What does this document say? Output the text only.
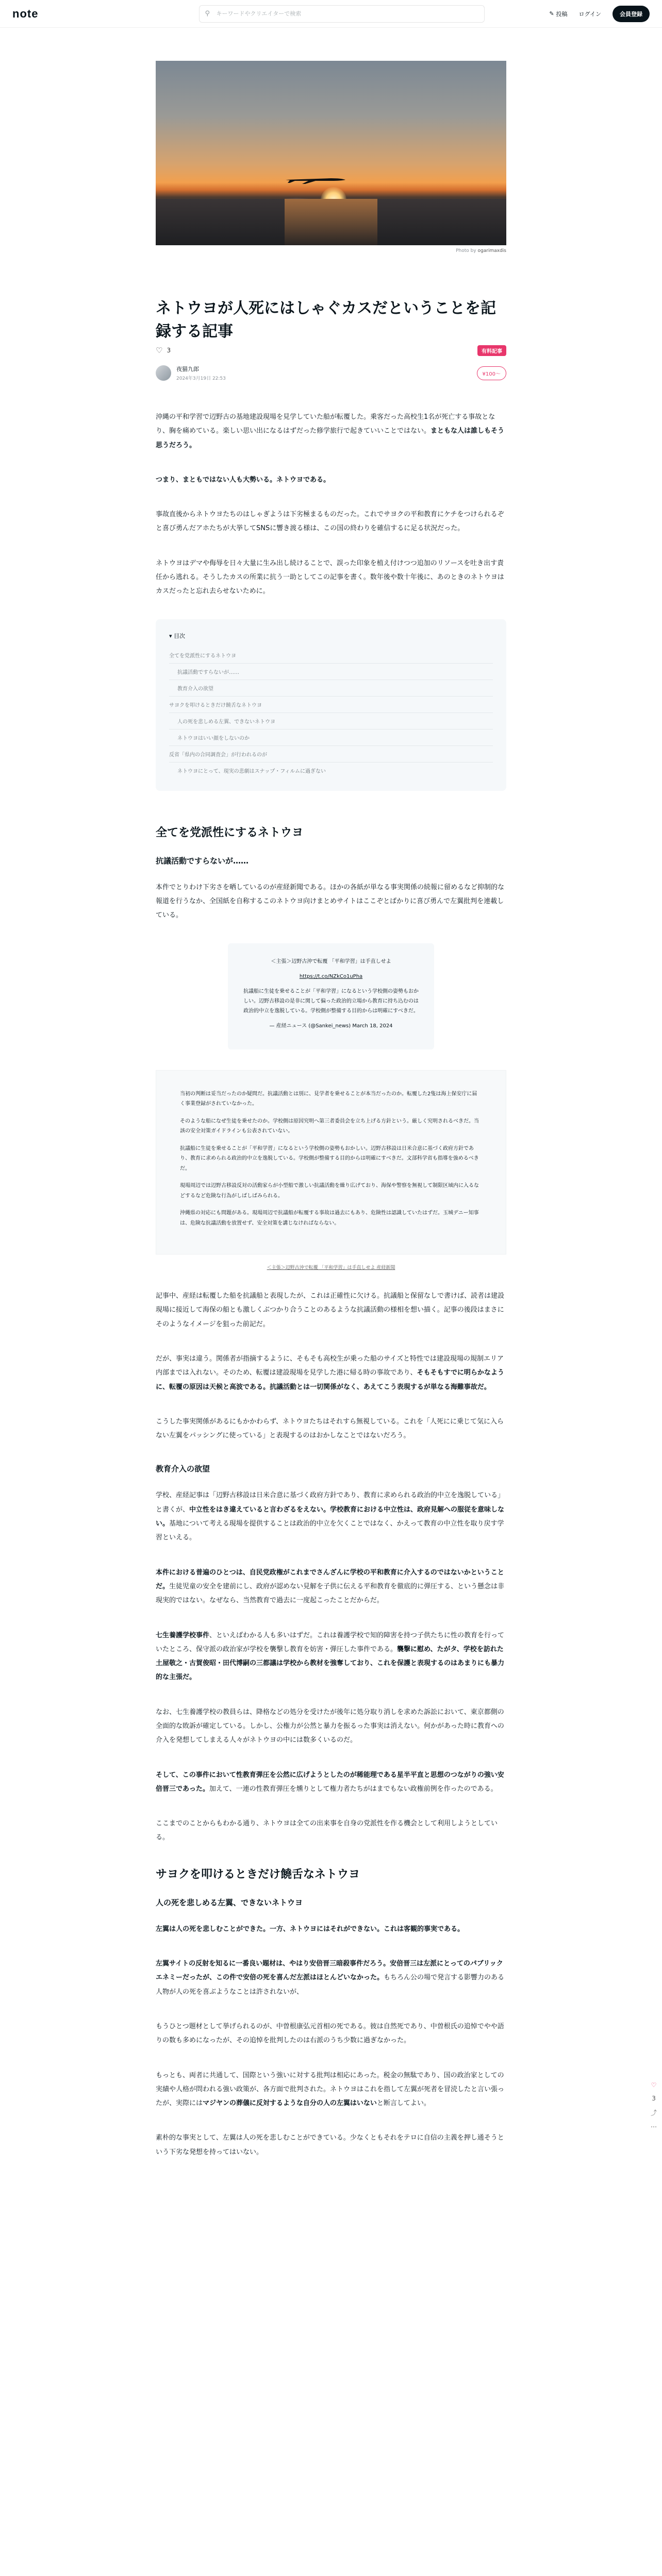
note	⚲
キーワードやクリエイターで検索	✎ 投稿 ログイン	会員登録
Photo by ogarimaxdis
ネトウヨが人死にはしゃぐカスだということを記録する記事
♡ 3	有料記事
夜猫九郎
2024年3月19日 22:53
¥100〜

沖縄の平和学習で辺野古の基地建設現場を見学していた船が転覆した。乗客だった高校生1名が死亡する事故となり、胸を痛めている。楽しい思い出になるはずだった修学旅行で起きていいことではない。まともな人は誰しもそう思うだろう。

つまり、まともではない人も大勢いる。ネトウヨである。

事故直後からネトウヨたちのはしゃぎようは下劣極まるものだった。これでサヨクの平和教育にケチをつけられるぞと喜び勇んだアホたちが大挙してSNSに響き渡る様は、この国の終わりを確信するに足る状況だった。

ネトウヨはデマや侮辱を日々大量に生み出し続けることで、誤った印象を植え付けつつ追加のリソースを吐き出す責任から逃れる。そうしたカスの所業に抗う一助としてこの記事を書く。数年後や数十年後に、あのときのネトウヨはカスだったと忘れ去らせないために。

▾ 目次
全てを党派性にするネトウヨ
抗議活動ですらないが……
教育介入の欲望
サヨクを叩けるときだけ饒舌なネトウヨ
人の死を悲しめる左翼、できないネトウヨ
ネトウヨはいい顔をしないのか
反省「県内の合同調査会」が行われるのが
ネトウヨにとって、現実の悲劇はスナップ・フィルムに過ぎない
全てを党派性にするネトウヨ
抗議活動ですらないが……

本件でとりわけ下劣さを晒しているのが産経新聞である。ほかの各紙が単なる事実関係の続報に留めるなど抑制的な報道を行うなか、全国紙を自称するこのネトウヨ向けまとめサイトはここぞとばかりに喜び勇んで左翼批判を連載している。

＜主張＞辺野古沖で転覆 「平和学習」は手直しせよ

https://t.co/NZkCo1uPha

抗議船に生徒を乗せることが「平和学習」になるという学校側の姿勢もおかしい。辺野古移設の是非に関して偏った政治的立場から教育に持ち込むのは政治的中立を逸脱している。学校側が整備する目的からは明確にすべきだ。

— 産経ニュース (@Sankei_news) March 18, 2024

当初の判断は妥当だったのか疑問だ。抗議活動とは別に、見学者を乗せることが本当だったのか。転覆した2隻は海上保安庁に届く事業登録がされていなかった。

そのような船になぜ生徒を乗せたのか。学校側は原因究明へ第三者委員会を立ち上げる方針という。厳しく究明されるべきだ。当該の安全対策ガイドラインも公表されていない。

抗議船に生徒を乗せることが「平和学習」になるという学校側の姿勢もおかしい。辺野古移設は日米合意に基づく政府方針であり、教育に求められる政治的中立を逸脱している。学校側が整備する目的からは明確にすべきだ。文部科学省も指導を強めるべきだ。

現場周辺では辺野古移設反対の活動家らが小型船で激しい抗議活動を繰り広げており、海保や警察を無視して制限区域内に入るなどするなど危険な行為がしばしばみられる。

沖縄県の対応にも問題がある。現場周辺で抗議船が転覆する事故は過去にもあり、危険性は認識していたはずだ。玉城デニー知事は、危険な抗議活動を放置せず、安全対策を講じなければならない。

＜主張＞辺野古沖で転覆 「平和学習」は手直しせよ 産経新聞

記事中、産経は転覆した船を抗議船と表現したが、これは正確性に欠ける。抗議船と保留なしで書けば、読者は建設現場に接近して海保の船とも激しくぶつかり合うことのあるような抗議活動の様相を想い描く。記事の後段はまさにそのようなイメージを狙った前記だ。

だが、事実は違う。関係者が指摘するように、そもそも高校生が乗った船のサイズと特性では建設現場の規制エリア内部までは入れない。そのため、転覆は建設現場を見学した港に帰る時の事故であり、そもそもすでに明らかなように、転覆の原因は天候と高波である。抗議活動とは一切関係がなく、あえてこう表現するが単なる海難事故だ。

こうした事実関係があるにもかかわらず、ネトウヨたちはそれすら無視している。これを「人死にに乗じて気に入らない左翼をパッシングに使っている」と表現するのはおかしなことではないだろう。

教育介入の欲望

学校、産経記事は「辺野古移設は日米合意に基づく政府方針であり、教育に求められる政治的中立を逸脱している」と書くが、中立性をはき違えていると言わざるをえない。学校教育における中立性は、政府見解への服従を意味しない。基地について考える現場を提供することは政治的中立を欠くことではなく、かえって教育の中立性を取り戻す学習といえる。

本件における普遍のひとつは、自民党政権がこれまでさんざんに学校の平和教育に介入するのではないかということだ。生徒児童の安全を建前にし、政府が認めない見解を子供に伝える平和教育を徹底的に弾圧する、という懸念は非現実的ではない。なぜなら、当然教育で過去に一度起こったことだからだ。

七生養護学校事件、といえばわかる人も多いはずだ。これは養護学校で知的障害を持つ子供たちに性の教育を行っていたところ、保守派の政治家が学校を襲撃し教育を妨害・弾圧した事件である。襲撃に慰め、たがタ、学校を訪れた土屋敬之・古賀俊昭・田代博嗣の三都議は学校から教材を強奪しており、これを保護と表現するのはあまりにも暴力的な主張だ。

なお、七生養護学校の教員らは、降格などの処分を受けたが後年に処分取り消しを求めた訴訟において、東京都側の全面的な敗訴が確定している。しかし、公権力が公然と暴力を振るった事実は消えない。何かがあった時に教育への介入を発想してしまえる人々がネトウヨの中には数多くいるのだ。

そして、この事件において性教育弾圧を公然に広げようとしたのが稀能理である星半平直と思想のつながりの強い安倍晋三であった。加えて、一連の性教育弾圧を燻りとして権力者たちがはまでもない政権前例を作ったのである。

ここまでのことからもわかる通り、ネトウヨは全ての出来事を自身の党派性を作る機会として利用しようとしている。

サヨクを叩けるときだけ饒舌なネトウヨ
人の死を悲しめる左翼、できないネトウヨ

左翼は人の死を悲しむことができた。一方、ネトウヨにはそれができない。これは客観的事実である。

左翼サイトの反射を知るに一番良い題材は、やはり安倍晋三暗殺事件だろう。安倍晋三は左派にとってのパブリックエネミーだったが、この件で安倍の死を喜んだ左派はほとんどいなかった。もちろん公の場で発言する影響力のある人物が人の死を喜ぶようなことは許されないが、

もうひとつ題材として挙げられるのが、中曽根康弘元首相の死である。彼は自然死であり、中曽根氏の追悼でやや語りの数も多めになったが、その追悼を批判したのは右派のうち少数に過ぎなかった。

もっとも、両者に共通して、国際という強いに対する批判は相応にあった。税金の無駄であり、国の政治家としての実績や人格が問われる強い政策が、各方面で批判された。ネトウヨはこれを指して左翼が死者を冒涜したと言い張ったが、実際にはマジヤンの葬儀に反対するような自分の人の左翼はいないと断言してよい。

素朴的な事実として、左翼は人の死を悲しむことができている。少なくともそれをテロに自信の主義を押し通そうという下劣な発想を持ってはいない。

♡
3
⤴
⋯
